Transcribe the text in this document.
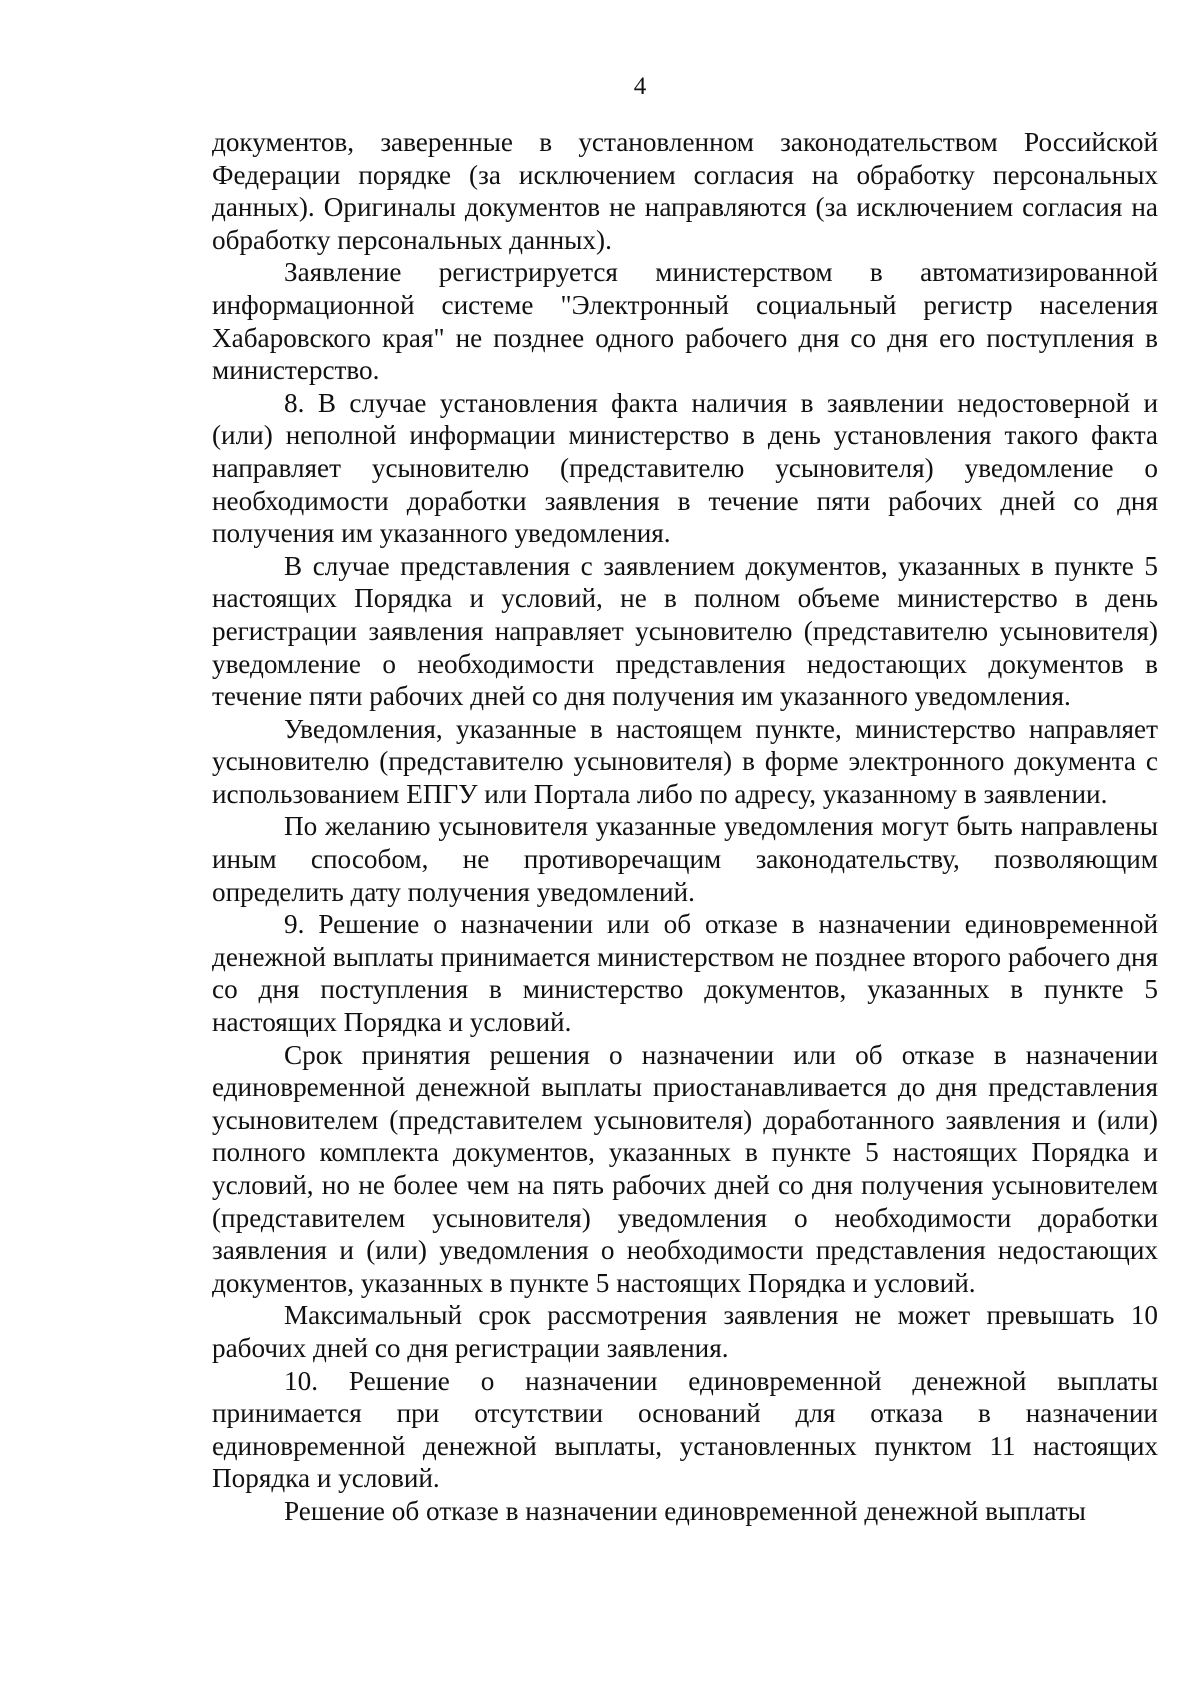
4

документов, заверенные в установленном законодательством Российской Федерации порядке (за исключением согласия на обработку персональных данных). Оригиналы документов не направляются (за исключением согласия на обработку персональных данных).

Заявление регистрируется министерством в автоматизированной информационной системе "Электронный социальный регистр населения Хабаровского края" не позднее одного рабочего дня со дня его поступления в министерство.

8. В случае установления факта наличия в заявлении недостоверной и (или) неполной информации министерство в день установления такого факта направляет усыновителю (представителю усыновителя) уведомление о необходимости доработки заявления в течение пяти рабочих дней со дня получения им указанного уведомления.

В случае представления с заявлением документов, указанных в пункте 5 настоящих Порядка и условий, не в полном объеме министерство в день регистрации заявления направляет усыновителю (представителю усыновителя) уведомление о необходимости представления недостающих документов в течение пяти рабочих дней со дня получения им указанного уведомления.

Уведомления, указанные в настоящем пункте, министерство направляет усыновителю (представителю усыновителя) в форме электронного документа с использованием ЕПГУ или Портала либо по адресу, указанному в заявлении.

По желанию усыновителя указанные уведомления могут быть направлены иным способом, не противоречащим законодательству, позволяющим определить дату получения уведомлений.

9. Решение о назначении или об отказе в назначении единовременной денежной выплаты принимается министерством не позднее второго рабочего дня со дня поступления в министерство документов, указанных в пункте 5 настоящих Порядка и условий.

Срок принятия решения о назначении или об отказе в назначении единовременной денежной выплаты приостанавливается до дня представления усыновителем (представителем усыновителя) доработанного заявления и (или) полного комплекта документов, указанных в пункте 5 настоящих Порядка и условий, но не более чем на пять рабочих дней со дня получения усыновителем (представителем усыновителя) уведомления о необходимости доработки заявления и (или) уведомления о необходимости представления недостающих документов, указанных в пункте 5 настоящих Порядка и условий.

Максимальный срок рассмотрения заявления не может превышать 10 рабочих дней со дня регистрации заявления.

10. Решение о назначении единовременной денежной выплаты принимается при отсутствии оснований для отказа в назначении единовременной денежной выплаты, установленных пунктом 11 настоящих Порядка и условий.

Решение об отказе в назначении единовременной денежной выплаты
